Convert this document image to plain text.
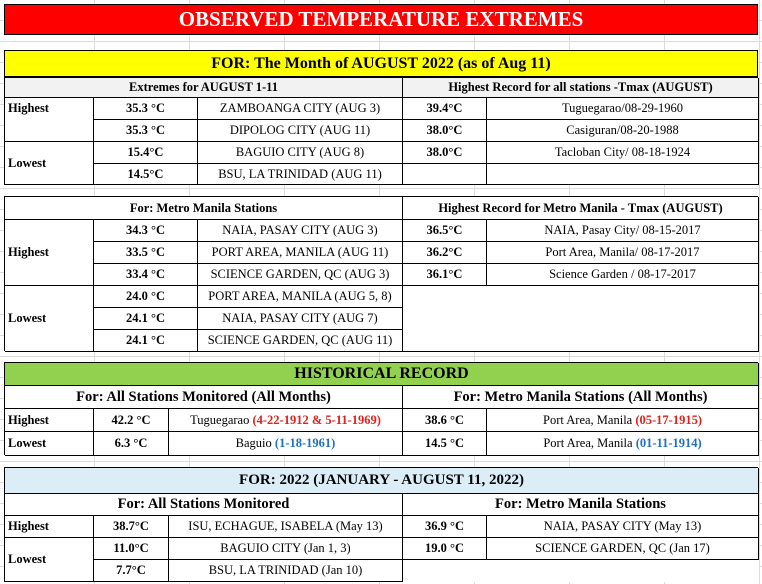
OBSERVED TEMPERATURE EXTREMES
FOR: The Month of AUGUST 2022 (as of Aug 11)
Extremes for AUGUST 1-11	Highest Record for all stations -Tmax (AUGUST)
Highest	35.3 °C	ZAMBOANGA CITY (AUG 3)	39.4°C	Tuguegarao/08-29-1960
35.3 °C	DIPOLOG CITY (AUG 11)	38.0°C	Casiguran/08-20-1988
Lowest
15.4°C	BAGUIO CITY (AUG 8)	38.0°C	Tacloban City/ 08-18-1924
14.5°C	BSU, LA TRINIDAD (AUG 11)
For: Metro Manila Stations	Highest Record for Metro Manila - Tmax (AUGUST)
Highest
34.3 °C	NAIA, PASAY CITY (AUG 3)	36.5°C	NAIA, Pasay City/ 08-15-2017
33.5 °C	PORT AREA, MANILA (AUG 11)	36.2°C	Port Area, Manila/ 08-17-2017
33.4 °C	SCIENCE GARDEN, QC (AUG 3)	36.1°C	Science Garden / 08-17-2017
Lowest
24.0 °C	PORT AREA, MANILA (AUG 5, 8)
24.1 °C	NAIA, PASAY CITY (AUG 7)
24.1 °C	SCIENCE GARDEN, QC (AUG 11)
HISTORICAL RECORD
For: All Stations Monitored (All Months)	For: Metro Manila Stations (All Months)
Highest	42.2 °C	Tuguegarao (4-22-1912 & 5-11-1969)	38.6 °C	Port Area, Manila (05-17-1915)
Lowest	6.3 °C	Baguio (1-18-1961)	14.5 °C	Port Area, Manila (01-11-1914)
FOR: 2022 (JANUARY - AUGUST 11, 2022)
For: All Stations Monitored	For: Metro Manila Stations
Highest	38.7°C	ISU, ECHAGUE, ISABELA (May 13)	36.9 °C	NAIA, PASAY CITY (May 13)
Lowest
11.0°C	BAGUIO CITY (Jan 1, 3)	19.0 °C	SCIENCE GARDEN, QC (Jan 17)
7.7°C	BSU, LA TRINIDAD (Jan 10)
